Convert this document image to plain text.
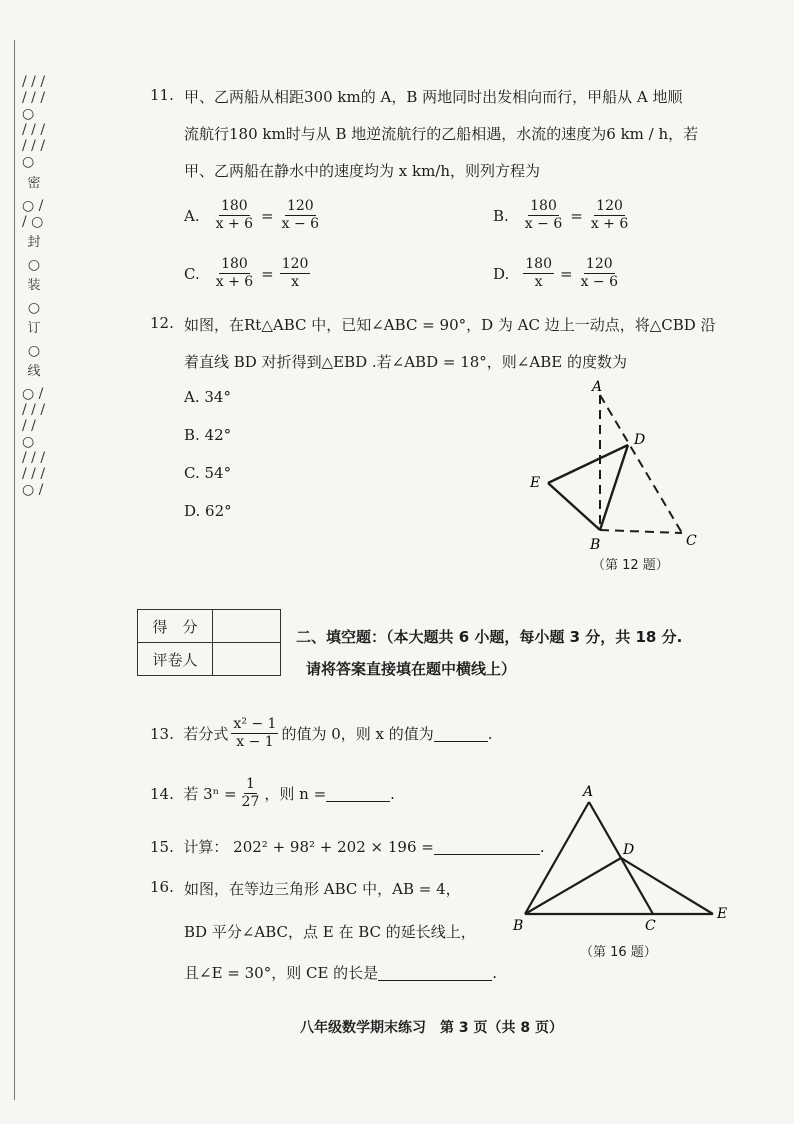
/ / / / / / ○
/ / / / / / ○
密
○ / / ○
封
○
装
○
订
○
线
○ / / / / / / ○
/ / / / / / ○ /
11. 甲、乙两船从相距300 km的 A，B 两地同时出发相向而行，甲船从 A 地顺
流航行180 km时与从 B 地逆流航行的乙船相遇，水流的速度为6 km / h，若
甲、乙两船在静水中的速度均为 x km/h，则列方程为
A. $\frac{180}{x + 6} = \frac{120}{x - 6}$	B. $\frac{180}{x - 6} = \frac{120}{x + 6}$
C. $\frac{180}{x + 6} = \frac{120}{x}$	D. $\frac{180}{x} = \frac{120}{x - 6}$
12. 如图，在Rt△ABC 中，已知∠ABC = 90°，D 为 AC 边上一动点，将△CBD 沿
着直线 BD 对折得到△EBD .若∠ABD = 18°，则∠ABE 的度数为
A.
34°
B.
42°
C.
54°
D.
62°
A
D
E
B	C
（第 12 题）
得　分	
评卷人	
二、填空题：（本大题共 6 小题，每小题 3 分，共 18 分.
请将答案直接填在题中横线上）
13.
若分式 $\frac{\text{x² − 1}}{x - 1}$ 的值为 0，则 x 的值为	.
14.
若 $3^n = \frac{1}{27}$ ，则 n =	.
15.
计算： 202² + 98² + 202 × 196 =	.
16. 如图，在等边三角形 ABC 中，AB = 4，
BD 平分∠ABC，点 E 在 BC 的延长线上，
且∠E = 30°，则 CE 的长是	.
A
D
B	C
E
（第 16 题）
八年级数学期末练习　第 3 页（共 8 页）
